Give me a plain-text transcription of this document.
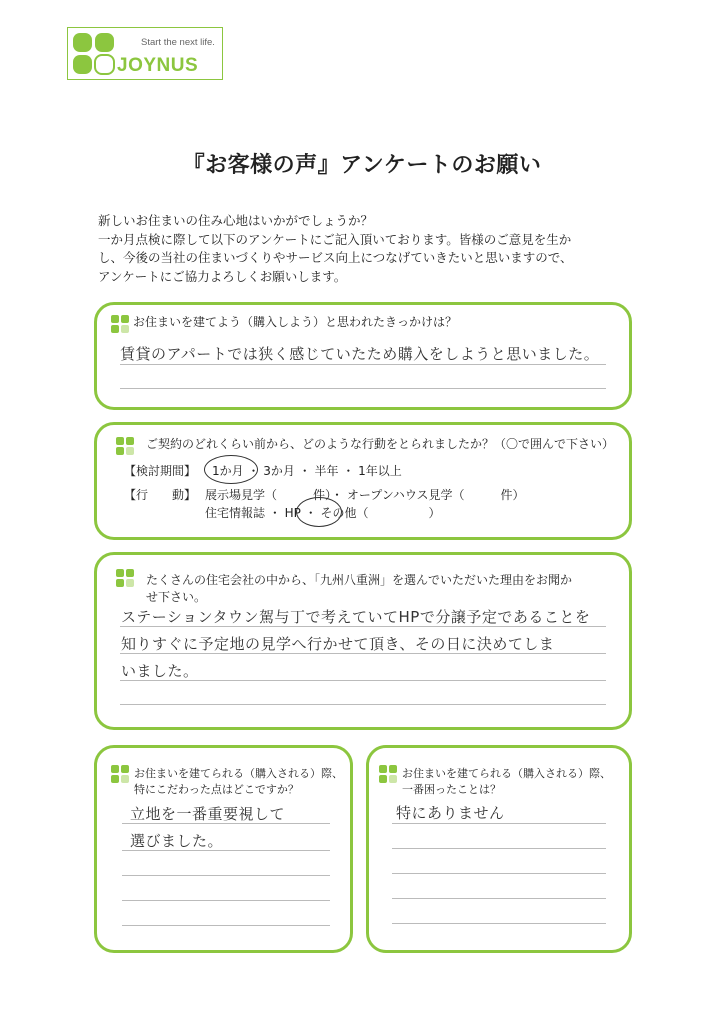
Start the next life.
JOYNUS
『お客様の声』アンケートのお願い
新しいお住まいの住み心地はいかがでしょうか？
一か月点検に際して以下のアンケートにご記入頂いております。皆様のご意見を生か
し、今後の当社の住まいづくりやサービス向上につなげていきたいと思いますので、
アンケートにご協力よろしくお願いします。
お住まいを建てよう（購入しよう）と思われたきっかけは？
賃貸のアパートでは狭く感じていたため購入をしようと思いました。
ご契約のどれくらい前から、どのような行動をとられましたか？（〇で囲んで下さい）
【検討期間】 1か月 ・ 3か月 ・ 半年 ・ 1年以上
【行　　動】 展示場見学（　　　件）・ オープンハウス見学（　　　件）
住宅情報誌 ・ HP ・ その他（　　　　　）
たくさんの住宅会社の中から、「九州八重洲」を選んでいただいた理由をお聞か
せ下さい。
ステーションタウン駕与丁で考えていてHPで分譲予定であることを
知りすぐに予定地の見学へ行かせて頂き、その日に決めてしま
いました。
お住まいを建てられる（購入される）際、
特にこだわった点はどこですか？
立地を一番重要視して
選びました。
お住まいを建てられる（購入される）際、
一番困ったことは？
特にありません
